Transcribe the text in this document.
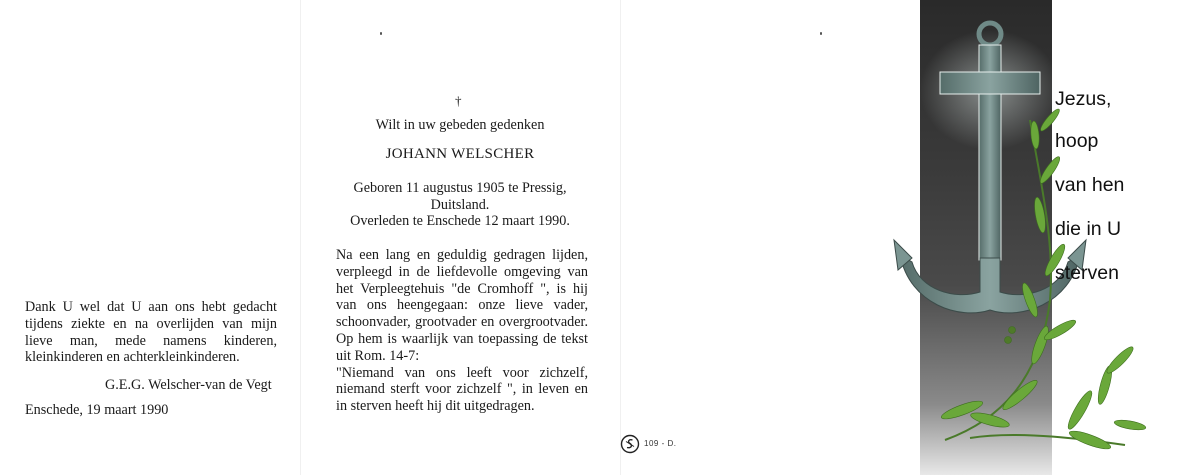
Dank U wel dat U aan ons hebt gedacht tijdens ziekte en na overlijden van mijn lieve man, mede namens kinderen, kleinkinderen en achterkleinkinderen.
G.E.G. Welscher-van de Vegt
Enschede, 19 maart 1990
†
Wilt in uw gebeden gedenken
JOHANN WELSCHER
Geboren 11 augustus 1905 te Pressig,
Duitsland.
Overleden te Enschede 12 maart 1990.

Na een lang en geduldig gedragen lijden, verpleegd in de liefdevolle omgeving van het Verpleegtehuis "de Cromhoff ", is hij van ons heengegaan: onze lieve vader, schoonvader, grootvader en overgrootvader. Op hem is waarlijk van toepassing de tekst uit Rom. 14-7:

"Niemand van ons leeft voor zichzelf, niemand sterft voor zichzelf ", in leven en in sterven heeft hij dit uitgedragen.

109 - D.
Jezus,
hoop
van hen
die in U
sterven
